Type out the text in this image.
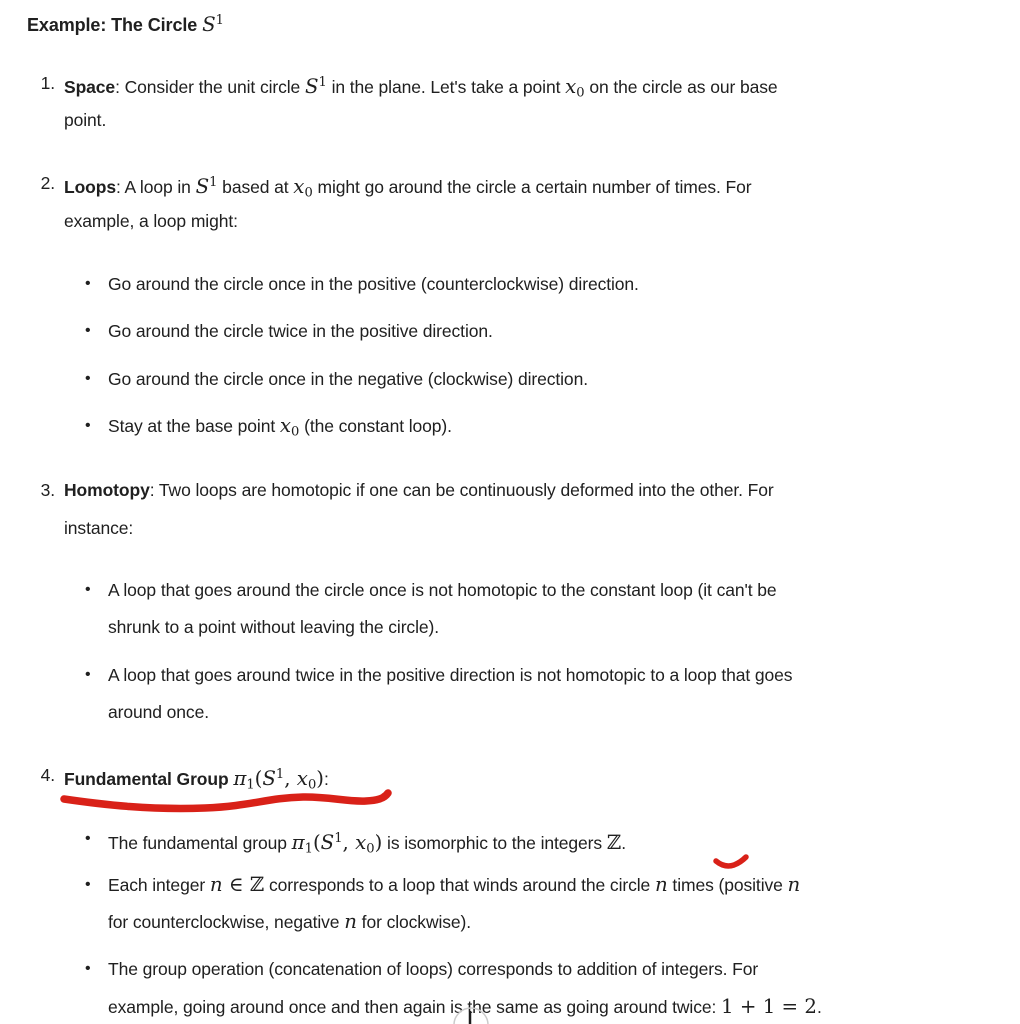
Example: The Circle $S^1$
1. Space: Consider the unit circle $S^1$ in the plane. Let's take a point $x_0$ on the circle as our base
point.
2. Loops: A loop in $S^1$ based at $x_0$ might go around the circle a certain number of times. For
example, a loop might:
• Go around the circle once in the positive (counterclockwise) direction.
• Go around the circle twice in the positive direction.
• Go around the circle once in the negative (clockwise) direction.
• Stay at the base point $x_0$ (the constant loop).
3. Homotopy: Two loops are homotopic if one can be continuously deformed into the other. For
instance:
• A loop that goes around the circle once is not homotopic to the constant loop (it can't be
shrunk to a point without leaving the circle).
• A loop that goes around twice in the positive direction is not homotopic to a loop that goes
around once.
4. Fundamental Group $\pi_1(S^1$, $x_0$):
• The fundamental group $\pi_1(S^1$, $x_0$) is isomorphic to the integers ℤ.
• Each integer n ∈ ℤ corresponds to a loop that winds around the circle n times (positive n
for counterclockwise, negative n for clockwise).
• The group operation (concatenation of loops) corresponds to addition of integers. For
example, going around once and then again is the same as going around twice: 1 + 1 = 2.
